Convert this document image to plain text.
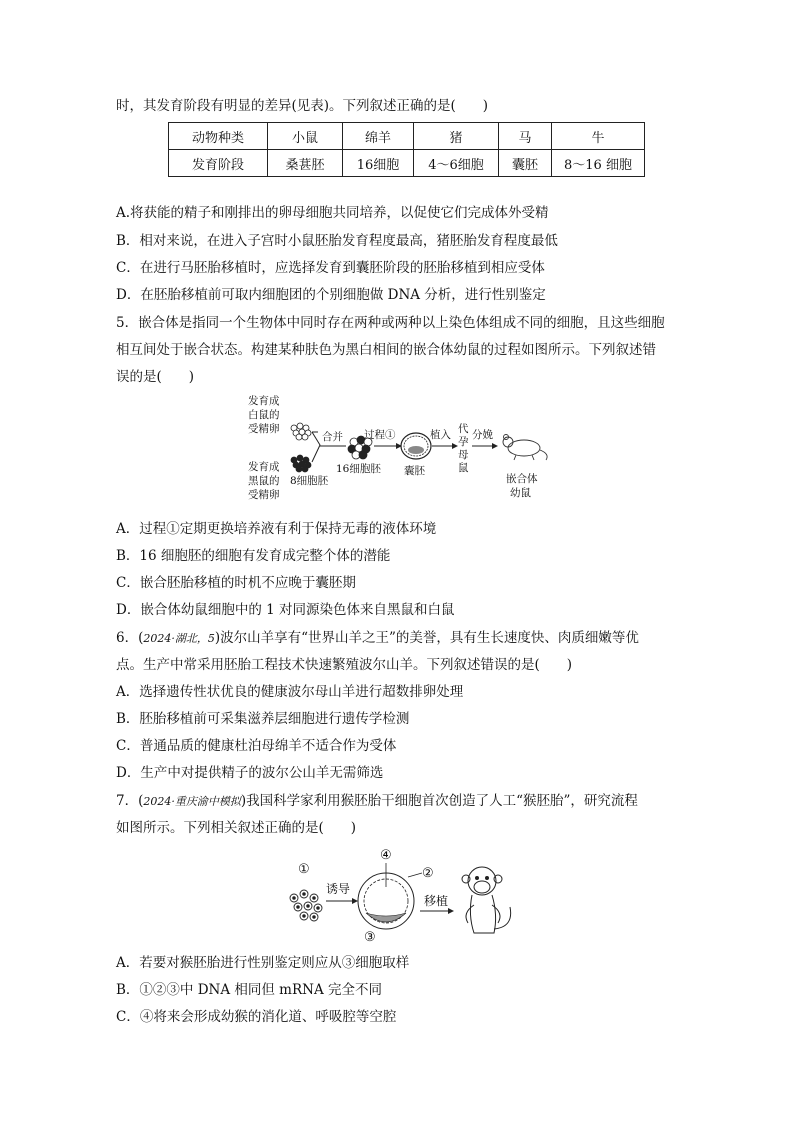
时，其发育阶段有明显的差异(见表)。下列叙述正确的是(　　)
动物种类	小鼠	绵羊	猪	马	牛
发育阶段	桑葚胚	16细胞	4～6细胞	囊胚	8～16 细胞
A.将获能的精子和刚排出的卵母细胞共同培养，以促使它们完成体外受精
B．相对来说，在进入子宫时小鼠胚胎发育程度最高，猪胚胎发育程度最低
C．在进行马胚胎移植时，应选择发育到囊胚阶段的胚胎移植到相应受体
D．在胚胎移植前可取内细胞团的个别细胞做 DNA 分析，进行性别鉴定
5．嵌合体是指同一个生物体中同时存在两种或两种以上染色体组成不同的细胞，且这些细胞
相互间处于嵌合状态。构建某种肤色为黑白相间的嵌合体幼鼠的过程如图所示。下列叙述错
误的是(　　)
发育成
白鼠的
受精卵
发育成
黑鼠的
受精卵
8细胞胚
合并
16细胞胚
过程①
囊胚
植入 代
孕
母
鼠
分娩
嵌合体
幼鼠
A．过程①定期更换培养液有利于保持无毒的液体环境
B．16 细胞胚的细胞有发育成完整个体的潜能
C．嵌合胚胎移植的时机不应晚于囊胚期
D．嵌合体幼鼠细胞中的 1 对同源染色体来自黑鼠和白鼠
6．(2024·湖北，5)波尔山羊享有“世界山羊之王”的美誉，具有生长速度快、肉质细嫩等优
点。生产中常采用胚胎工程技术快速繁殖波尔山羊。下列叙述错误的是(　　)
A．选择遗传性状优良的健康波尔母山羊进行超数排卵处理
B．胚胎移植前可采集滋养层细胞进行遗传学检测
C．普通品质的健康杜泊母绵羊不适合作为受体
D．生产中对提供精子的波尔公山羊无需筛选
7．(2024·重庆渝中模拟)我国科学家利用猴胚胎干细胞首次创造了人工“猴胚胎”，研究流程
如图所示。下列相关叙述正确的是(　　)
①
诱导
④
②
③
移植
A．若要对猴胚胎进行性别鉴定则应从③细胞取样
B．①②③中 DNA 相同但 mRNA 完全不同
C．④将来会形成幼猴的消化道、呼吸腔等空腔
